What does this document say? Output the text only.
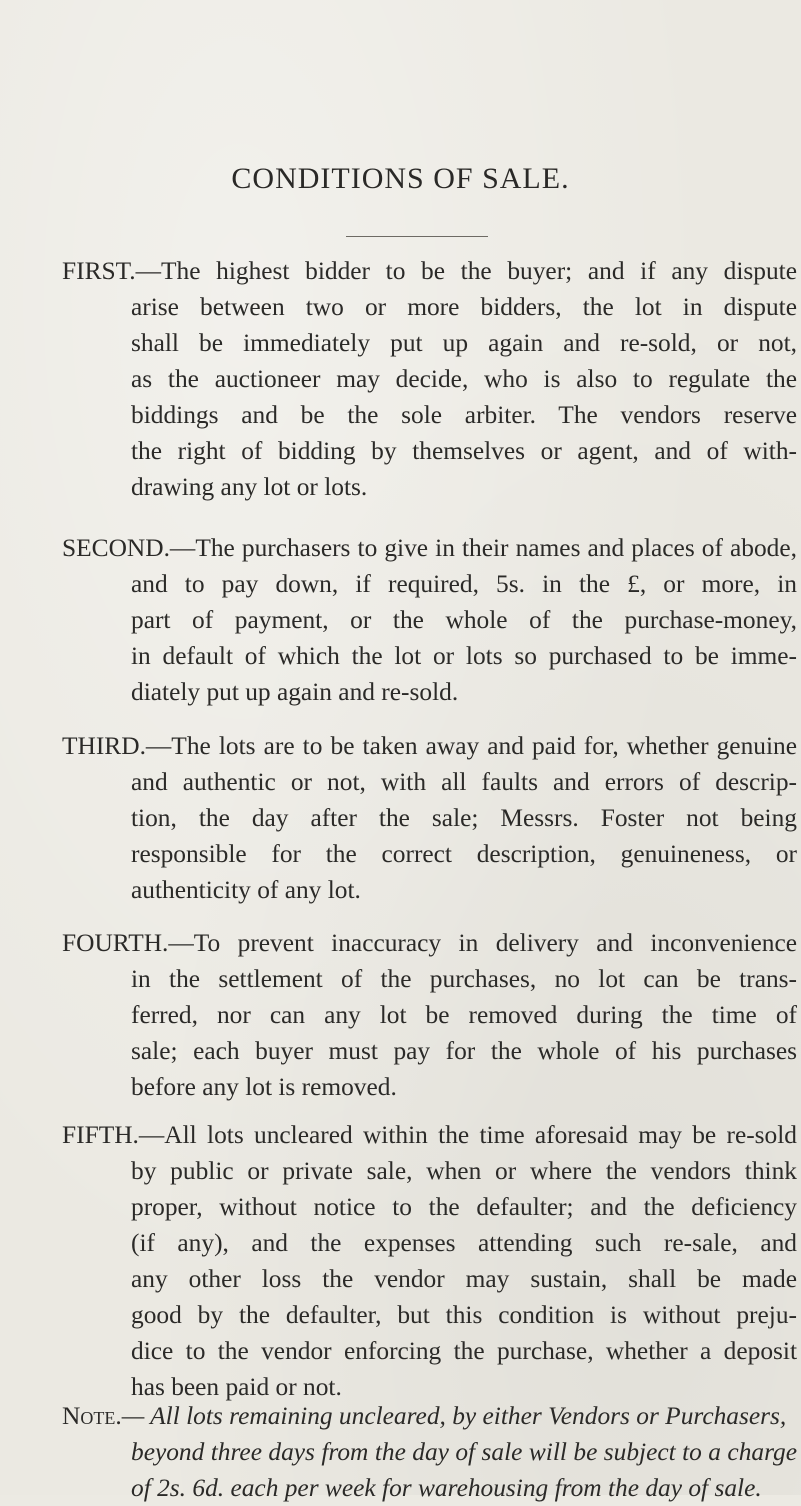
CONDITIONS OF SALE.
FIRST.—The highest bidder to be the buyer; and if any dispute
arise between two or more bidders, the lot in dispute
shall be immediately put up again and re-sold, or not,
as the auctioneer may decide, who is also to regulate the
biddings and be the sole arbiter. The vendors reserve
the right of bidding by themselves or agent, and of with-
drawing any lot or lots.
SECOND.—The purchasers to give in their names and places of abode,
and to pay down, if required, 5s. in the £, or more, in
part of payment, or the whole of the purchase-money,
in default of which the lot or lots so purchased to be imme-
diately put up again and re-sold.
THIRD.—The lots are to be taken away and paid for, whether genuine
and authentic or not, with all faults and errors of descrip-
tion, the day after the sale; Messrs. Foster not being
responsible for the correct description, genuineness, or
authenticity of any lot.
FOURTH.—To prevent inaccuracy in delivery and inconvenience
in the settlement of the purchases, no lot can be trans-
ferred, nor can any lot be removed during the time of
sale; each buyer must pay for the whole of his purchases
before any lot is removed.
FIFTH.—All lots uncleared within the time aforesaid may be re-sold
by public or private sale, when or where the vendors think
proper, without notice to the defaulter; and the deficiency
(if any), and the expenses attending such re-sale, and
any other loss the vendor may sustain, shall be made
good by the defaulter, but this condition is without preju-
dice to the vendor enforcing the purchase, whether a deposit
has been paid or not.
Note.— All lots remaining uncleared, by either Vendors or Purchasers,
beyond three days from the day of sale will be subject to a charge
of 2s. 6d. each per week for warehousing from the day of sale.
